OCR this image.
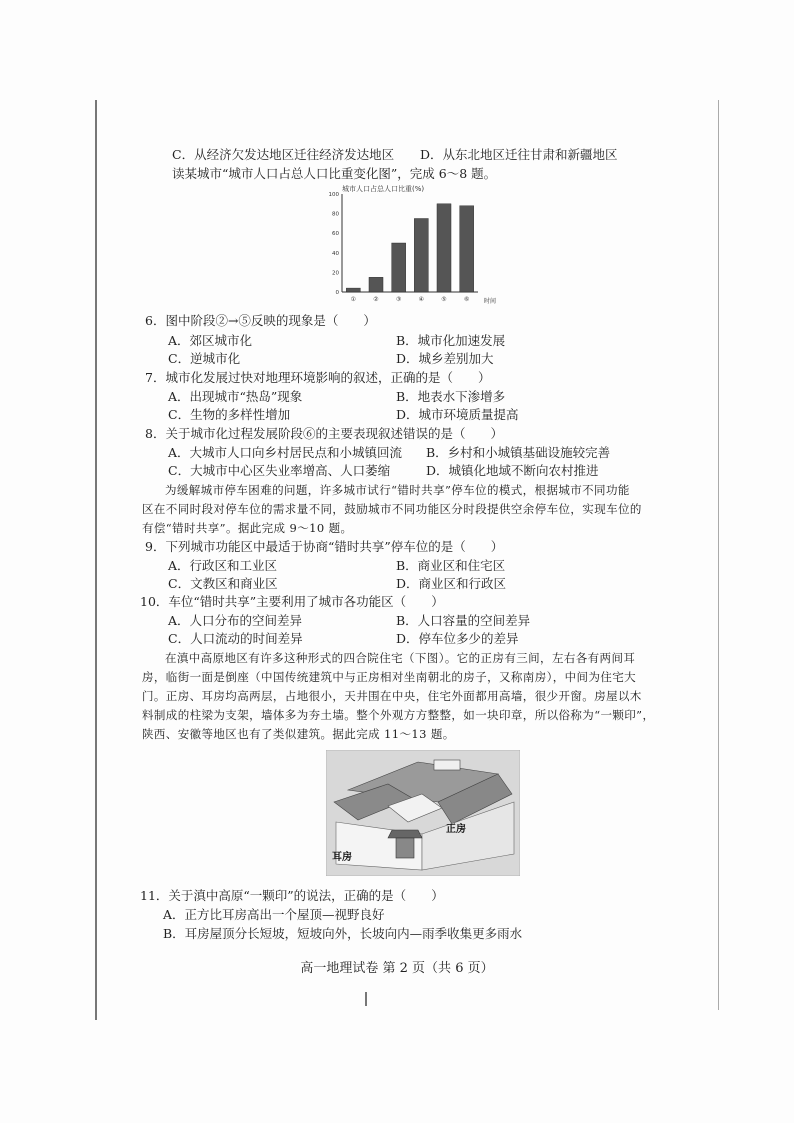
C．从经济欠发达地区迁往经济发达地区 D．从东北地区迁往甘肃和新疆地区
读某城市“城市人口占总人口比重变化图”，完成 6～8 题。
城市人口占总人口比重(%)
0
20
40
60
80
100
①	②	③	④	⑤	⑥ 时间
6．图中阶段②→⑤反映的现象是（　　）
A．郊区城市化	B．城市化加速发展
C．逆城市化	D．城乡差别加大
7．城市化发展过快对地理环境影响的叙述，正确的是（　　）
A．出现城市“热岛”现象	B．地表水下渗增多
C．生物的多样性增加	D．城市环境质量提高
8．关于城市化过程发展阶段⑥的主要表现叙述错误的是（　　）
A．大城市人口向乡村居民点和小城镇回流 B．乡村和小城镇基础设施较完善
C．大城市中心区失业率增高、人口萎缩	D．城镇化地域不断向农村推进
为缓解城市停车困难的问题，许多城市试行“错时共享”停车位的模式，根据城市不同功能
区在不同时段对停车位的需求量不同，鼓励城市不同功能区分时段提供空余停车位，实现车位的
有偿“错时共享”。据此完成 9～10 题。
9．下列城市功能区中最适于协商“错时共享”停车位的是（　　）
A．行政区和工业区	B．商业区和住宅区
C．文教区和商业区	D．商业区和行政区
10．车位“错时共享”主要利用了城市各功能区（　　）
A．人口分布的空间差异	B．人口容量的空间差异
C．人口流动的时间差异	D．停车位多少的差异
在滇中高原地区有许多这种形式的四合院住宅（下图）。它的正房有三间，左右各有两间耳
房，临街一面是倒座（中国传统建筑中与正房相对坐南朝北的房子，又称南房），中间为住宅大
门。正房、耳房均高两层，占地很小，天井围在中央，住宅外面都用高墙，很少开窗。房屋以木
料制成的柱梁为支架，墙体多为夯土墙。整个外观方方整整，如一块印章，所以俗称为“一颗印”，
陕西、安徽等地区也有了类似建筑。据此完成 11～13 题。
正房
耳房
11．关于滇中高原“一颗印”的说法，正确的是（　　）
A．正方比耳房高出一个屋顶—视野良好
B．耳房屋顶分长短坡，短坡向外，长坡向内—雨季收集更多雨水
高一地理试卷 第 2 页（共 6 页）
